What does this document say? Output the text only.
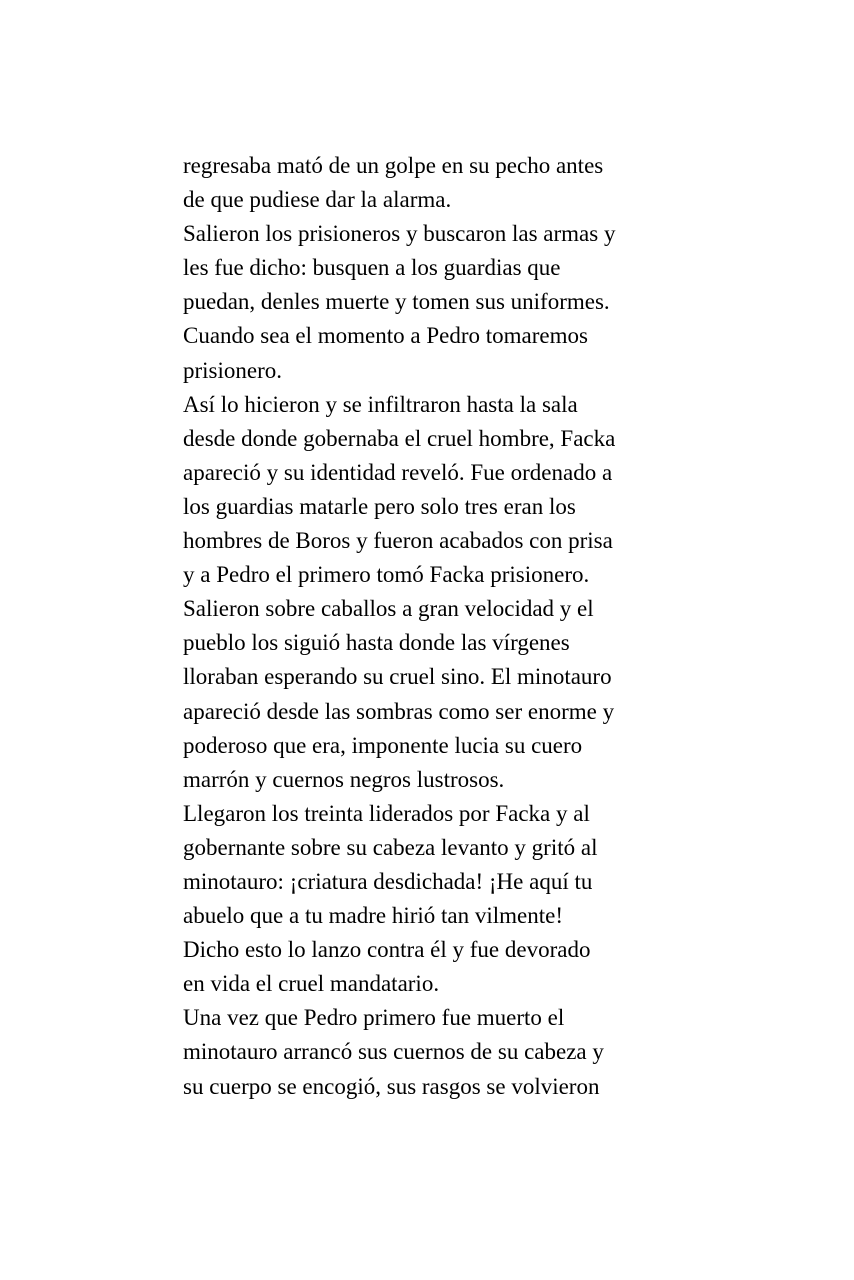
regresaba mató de un golpe en su pecho antes
de que pudiese dar la alarma.
Salieron los prisioneros y buscaron las armas y
les fue dicho: busquen a los guardias que
puedan, denles muerte y tomen sus uniformes.
Cuando sea el momento a Pedro tomaremos
prisionero.
Así lo hicieron y se infiltraron hasta la sala
desde donde gobernaba el cruel hombre, Facka
apareció y su identidad reveló. Fue ordenado a
los guardias matarle pero solo tres eran los
hombres de Boros y fueron acabados con prisa
y a Pedro el primero tomó Facka prisionero.
Salieron sobre caballos a gran velocidad y el
pueblo los siguió hasta donde las vírgenes
lloraban esperando su cruel sino. El minotauro
apareció desde las sombras como ser enorme y
poderoso que era, imponente lucia su cuero
marrón y cuernos negros lustrosos.
Llegaron los treinta liderados por Facka y al
gobernante sobre su cabeza levanto y gritó al
minotauro: ¡criatura desdichada! ¡He aquí tu
abuelo que a tu madre hirió tan vilmente!
Dicho esto lo lanzo contra él y fue devorado
en vida el cruel mandatario.
Una vez que Pedro primero fue muerto el
minotauro arrancó sus cuernos de su cabeza y
su cuerpo se encogió, sus rasgos se volvieron
